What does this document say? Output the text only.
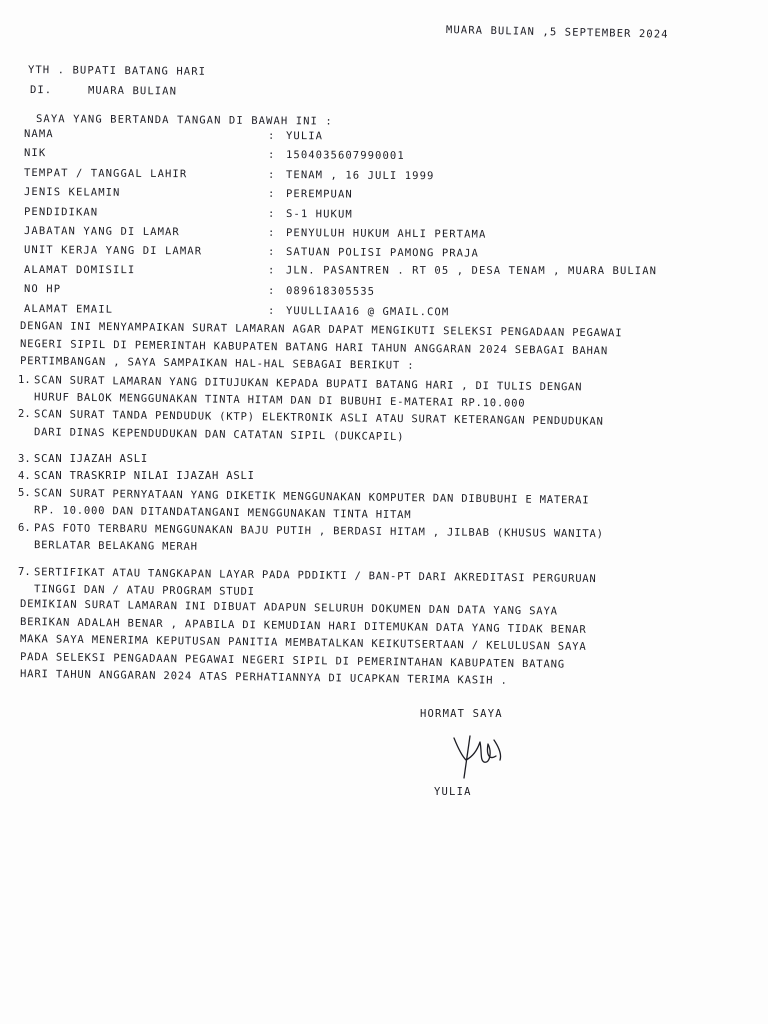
MUARA BULIAN ,5 SEPTEMBER 2024
YTH . BUPATI BATANG HARI
DI.	MUARA BULIAN
SAYA YANG BERTANDA TANGAN DI BAWAH INI :
NAMA	: YULIA
NIK	: 1504035607990001
TEMPAT / TANGGAL LAHIR	: TENAM , 16 JULI 1999
JENIS KELAMIN	: PEREMPUAN
PENDIDIKAN	: S-1 HUKUM
JABATAN YANG DI LAMAR	: PENYULUH HUKUM AHLI PERTAMA
UNIT KERJA YANG DI LAMAR	: SATUAN POLISI PAMONG PRAJA
ALAMAT DOMISILI	: JLN. PASANTREN . RT 05 , DESA TENAM , MUARA BULIAN
NO HP	: 089618305535
ALAMAT EMAIL	: YUULLIAA16 @ GMAIL.COM
DENGAN INI MENYAMPAIKAN SURAT LAMARAN AGAR DAPAT MENGIKUTI SELEKSI PENGADAAN PEGAWAI
NEGERI SIPIL DI PEMERINTAH KABUPATEN BATANG HARI TAHUN ANGGARAN 2024 SEBAGAI BAHAN
PERTIMBANGAN , SAYA SAMPAIKAN HAL-HAL SEBAGAI BERIKUT :
1. SCAN SURAT LAMARAN YANG DITUJUKAN KEPADA BUPATI BATANG HARI , DI TULIS DENGAN
HURUF BALOK MENGGUNAKAN TINTA HITAM DAN DI BUBUHI E-MATERAI RP.10.000
2. SCAN SURAT TANDA PENDUDUK (KTP) ELEKTRONIK ASLI ATAU SURAT KETERANGAN PENDUDUKAN
DARI DINAS KEPENDUDUKAN DAN CATATAN SIPIL (DUKCAPIL)
3. SCAN IJAZAH ASLI
4. SCAN TRASKRIP NILAI IJAZAH ASLI
5. SCAN SURAT PERNYATAAN YANG DIKETIK MENGGUNAKAN KOMPUTER DAN DIBUBUHI E MATERAI
RP. 10.000 DAN DITANDATANGANI MENGGUNAKAN TINTA HITAM
6. PAS FOTO TERBARU MENGGUNAKAN BAJU PUTIH , BERDASI HITAM , JILBAB (KHUSUS WANITA)
BERLATAR BELAKANG MERAH
7. SERTIFIKAT ATAU TANGKAPAN LAYAR PADA PDDIKTI / BAN-PT DARI AKREDITASI PERGURUAN
TINGGI DAN / ATAU PROGRAM STUDI
DEMIKIAN SURAT LAMARAN INI DIBUAT ADAPUN SELURUH DOKUMEN DAN DATA YANG SAYA
BERIKAN ADALAH BENAR , APABILA DI KEMUDIAN HARI DITEMUKAN DATA YANG TIDAK BENAR
MAKA SAYA MENERIMA KEPUTUSAN PANITIA MEMBATALKAN KEIKUTSERTAAN / KELULUSAN SAYA
PADA SELEKSI PENGADAAN PEGAWAI NEGERI SIPIL DI PEMERINTAHAN KABUPATEN BATANG
HARI TAHUN ANGGARAN 2024 ATAS PERHATIANNYA DI UCAPKAN TERIMA KASIH .
HORMAT SAYA
YULIA
